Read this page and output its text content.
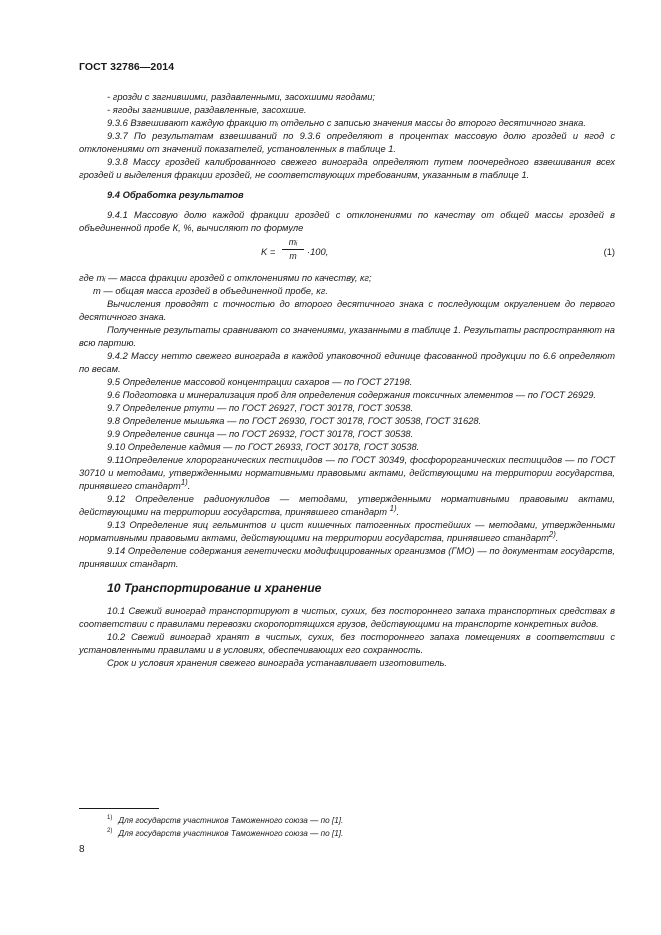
ГОСТ 32786—2014

- грозди с загнившими, раздавленными, засохшими ягодами;

- ягоды загнившие, раздавленные, засохшие.

9.3.6 Взвешивают каждую фракцию mᵢ отдельно с записью значения массы до второго десятичного знака.

9.3.7 По результатам взвешиваний по 9.3.6 определяют в процентах массовую долю гроздей и ягод с отклонениями от значений показателей, установленных в таблице 1.

9.3.8 Массу гроздей калиброванного свежего винограда определяют путем поочередного взвешивания всех гроздей и выделения фракции гроздей, не соответствующих требованиям, указанным в таблице 1.

9.4 Обработка результатов

9.4.1 Массовую долю каждой фракции гроздей с отклонениями по качеству от общей массы гроздей в объединенной пробе К, %, вычисляют по формуле

K =
mᵢ
m	·100,	(1)

где mᵢ — масса фракции гроздей с отклонениями по качеству, кг;

m — общая масса гроздей в объединенной пробе, кг.

Вычисления проводят с точностью до второго десятичного знака с последующим округлением до первого десятичного знака.

Полученные результаты сравнивают со значениями, указанными в таблице 1. Результаты распространяют на всю партию.

9.4.2 Массу нетто свежего винограда в каждой упаковочной единице фасованной продукции по 6.6 определяют по весам.

9.5 Определение массовой концентрации сахаров — по ГОСТ 27198.

9.6 Подготовка и минерализация проб для определения содержания токсичных элементов — по ГОСТ 26929.

9.7 Определение ртути — по ГОСТ 26927, ГОСТ 30178, ГОСТ 30538.

9.8 Определение мышьяка — по ГОСТ 26930, ГОСТ 30178, ГОСТ 30538, ГОСТ 31628.

9.9 Определение свинца — по ГОСТ 26932, ГОСТ 30178, ГОСТ 30538.

9.10 Определение кадмия — по ГОСТ 26933, ГОСТ 30178, ГОСТ 30538.

9.11Определение хлорорганических пестицидов — по ГОСТ 30349, фосфорорганических пестицидов — по ГОСТ 30710 и методами, утвержденными нормативными правовыми актами, действующими на территории государства, принявшего стандарт$^{1)}$.

9.12 Определение радионуклидов — методами, утвержденными нормативными правовыми актами, действующими на территории государства, принявшего стандарт $^{1)}$.

9.13 Определение яиц гельминтов и цист кишечных патогенных простейших — методами, утвержденными нормативными правовыми актами, действующими на территории государства, принявшего стандарт$^{2)}$.

9.14 Определение содержания генетически модифицированных организмов (ГМО) — по документам государств, принявших стандарт.

10 Транспортирование и хранение

10.1 Свежий виноград транспортируют в чистых, сухих, без постороннего запаха транспортных средствах в соответствии с правилами перевозки скоропортящихся грузов, действующими на транспорте конкретных видов.

10.2 Свежий виноград хранят в чистых, сухих, без постороннего запаха помещениях в соответствии с установленными правилами и в условиях, обеспечивающих его сохранность.

Срок и условия хранения свежего винограда устанавливает изготовитель.

$^{1)}$ Для государств участников Таможенного союза — по [1].
$^{2)}$ Для государств участников Таможенного союза — по [1].
8
